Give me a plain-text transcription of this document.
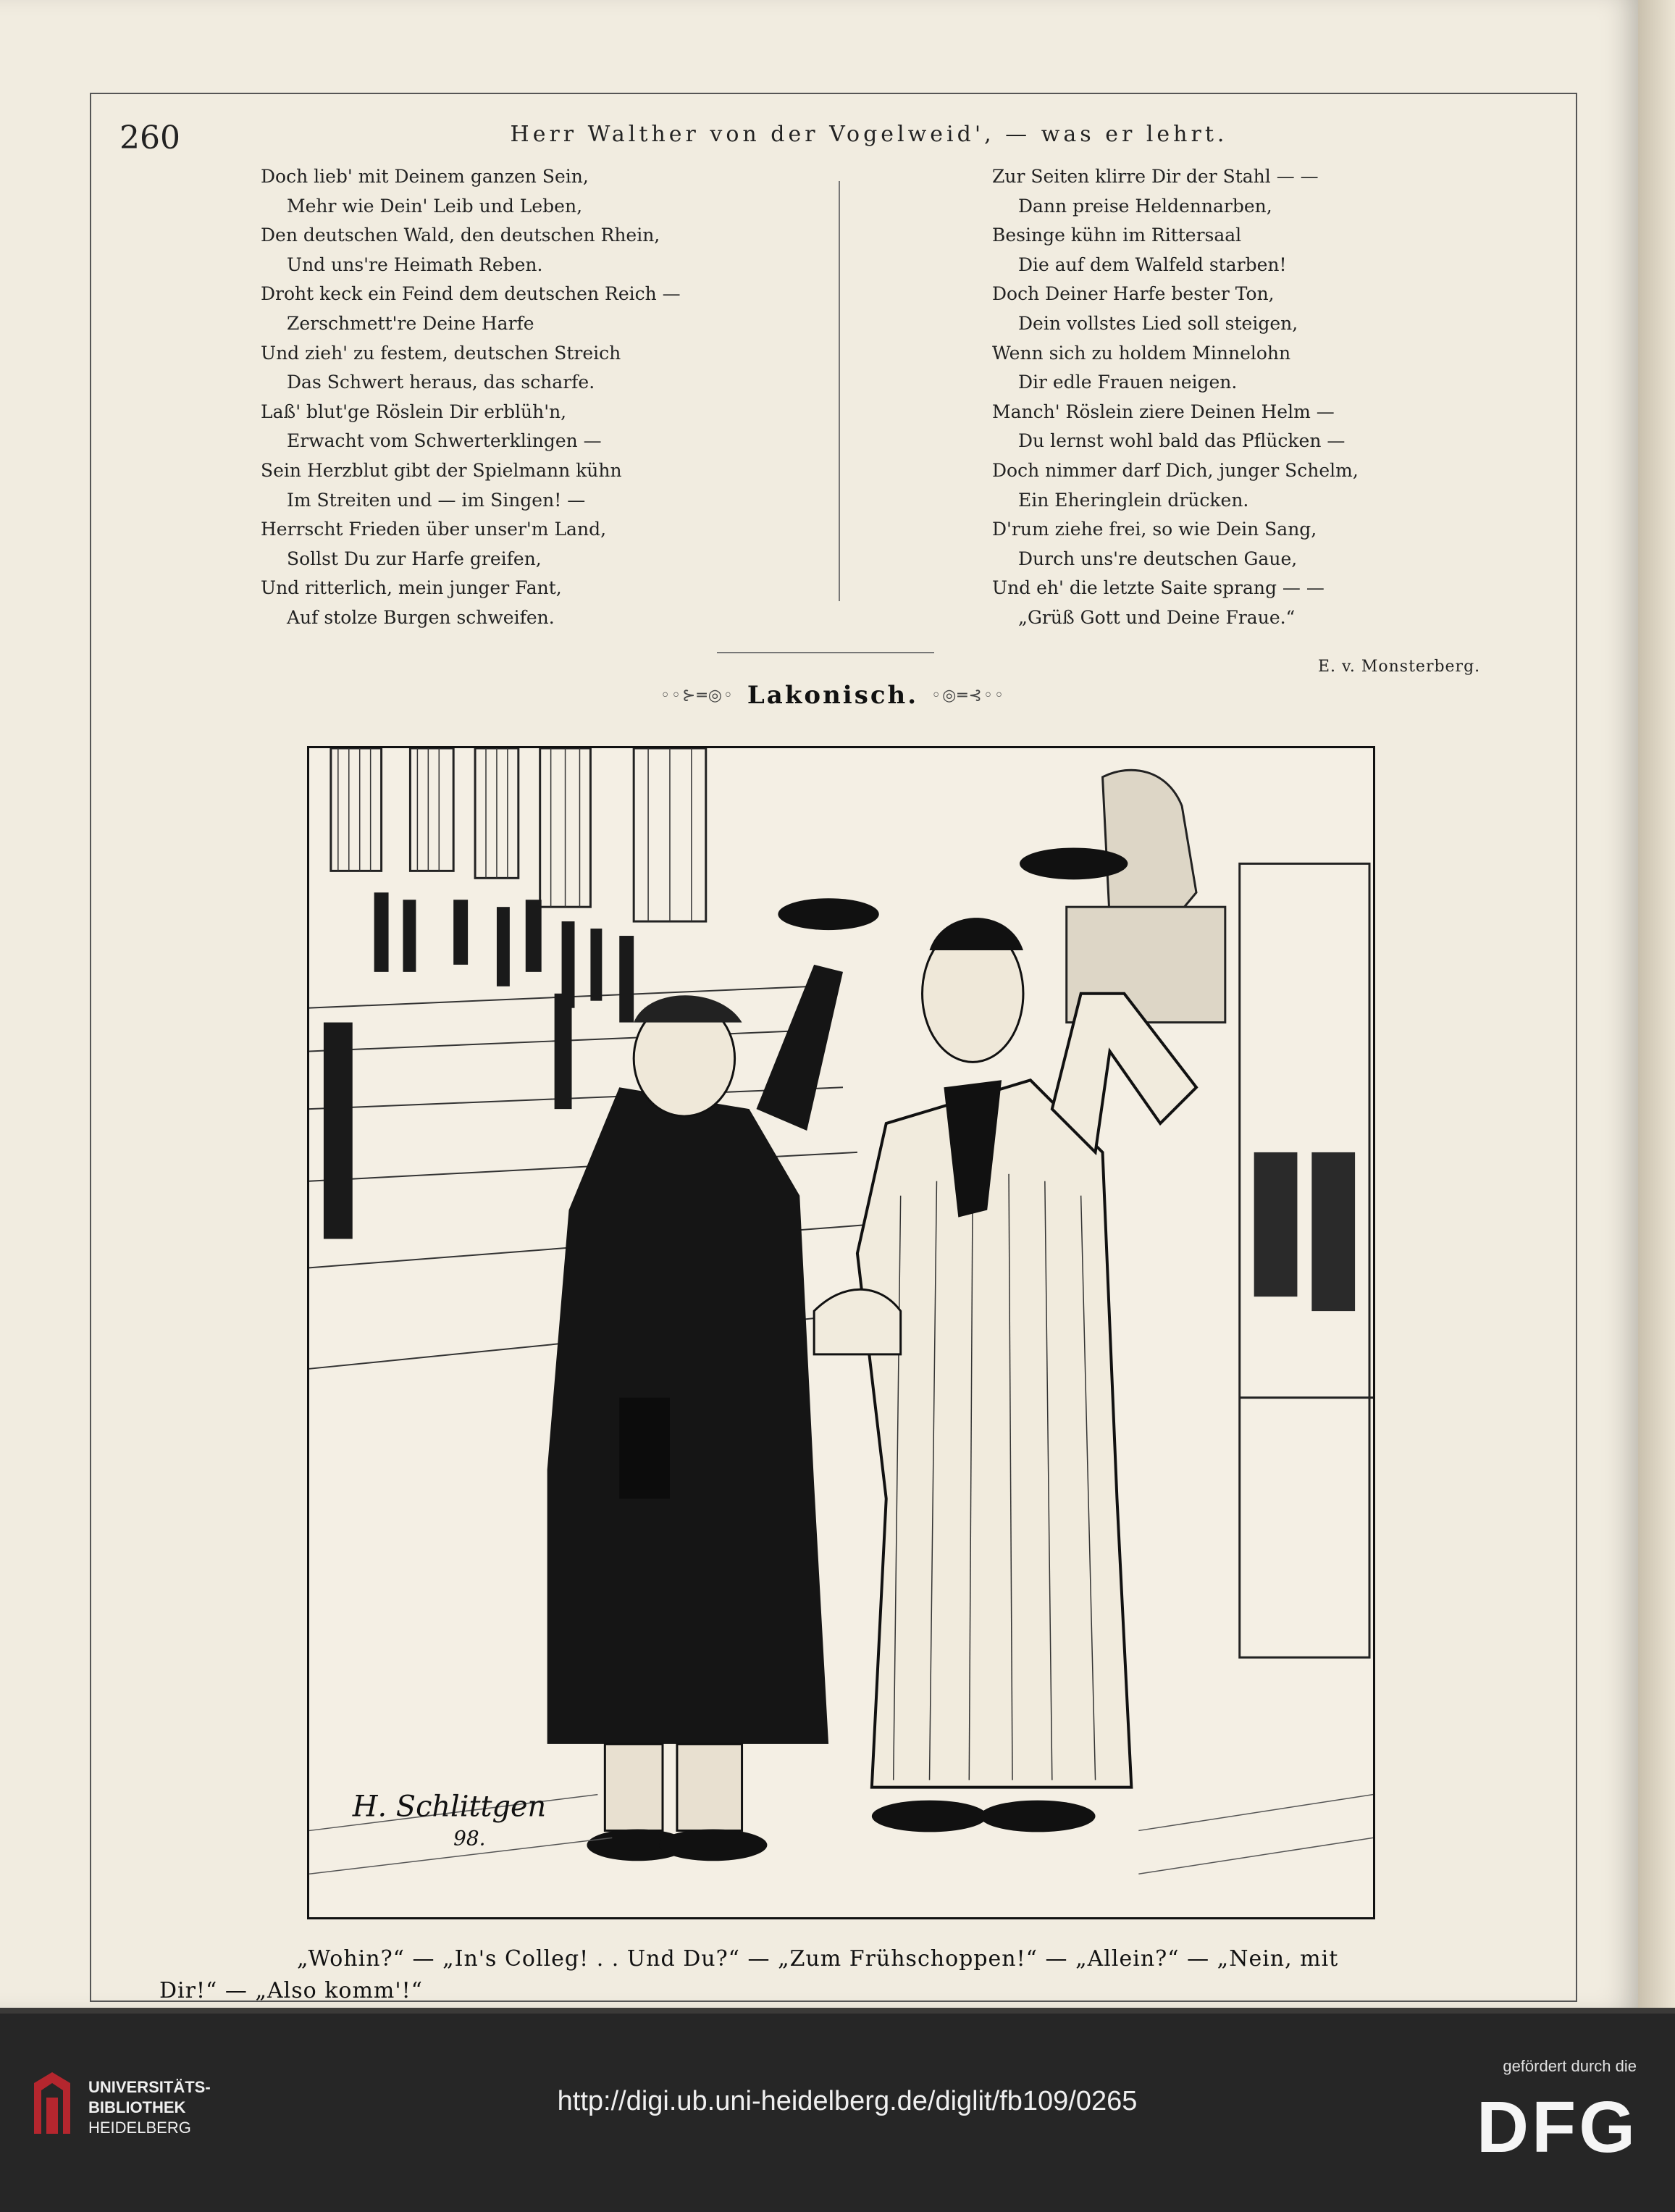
260	Herr Walther von der Vogelweid', — was er lehrt.
Doch lieb' mit Deinem ganzen Sein,
Mehr wie Dein' Leib und Leben,
Den deutschen Wald, den deutschen Rhein,
Und uns're Heimath Reben.
Droht keck ein Feind dem deutschen Reich —
Zerschmett're Deine Harfe
Und zieh' zu festem, deutschen Streich
Das Schwert heraus, das scharfe.
Laß' blut'ge Röslein Dir erblüh'n,
Erwacht vom Schwerterklingen —
Sein Herzblut gibt der Spielmann kühn
Im Streiten und — im Singen! —
Herrscht Frieden über unser'm Land,
Sollst Du zur Harfe greifen,
Und ritterlich, mein junger Fant,
Auf stolze Burgen schweifen.
Zur Seiten klirre Dir der Stahl — —
Dann preise Heldennarben,
Besinge kühn im Rittersaal
Die auf dem Walfeld starben!
Doch Deiner Harfe bester Ton,
Dein vollstes Lied soll steigen,
Wenn sich zu holdem Minnelohn
Dir edle Frauen neigen.
Manch' Röslein ziere Deinen Helm —
Du lernst wohl bald das Pflücken —
Doch nimmer darf Dich, junger Schelm,
Ein Eheringlein drücken.
D'rum ziehe frei, so wie Dein Sang,
Durch uns're deutschen Gaue,
Und eh' die letzte Saite sprang — —
„Grüß Gott und Deine Fraue.“
E. v. Monsterberg.
◦◦⊱═◎◦ Lakonisch. ◦◎═⊰◦◦
H. Schlittgen
98.
„Wohin?“ — „In's Colleg! . . Und Du?“ — „Zum Frühschoppen!“ — „Allein?“ — „Nein, mit
Dir!“ — „Also komm'!“
UNIVERSITÄTS-
BIBLIOTHEK
HEIDELBERG
http://digi.ub.uni-heidelberg.de/diglit/fb109/0265
gefördert durch die
DFG
